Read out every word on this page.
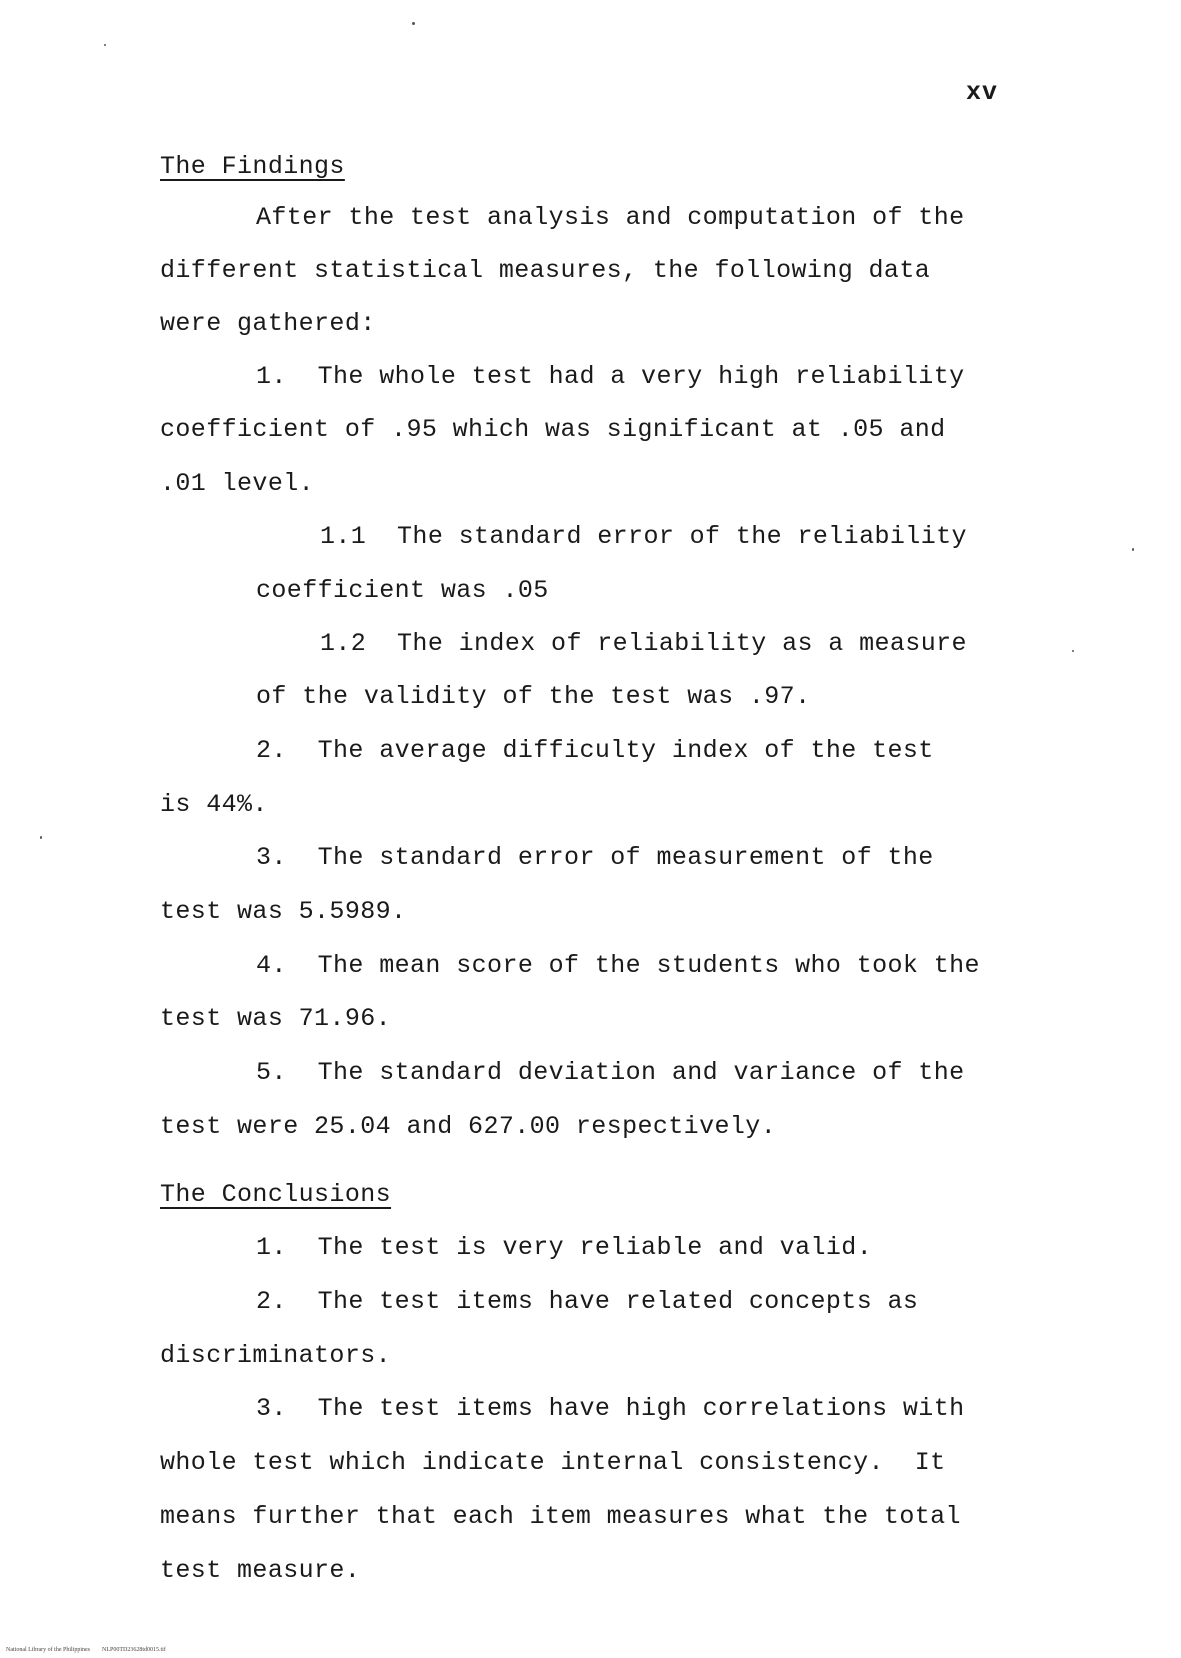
xv
The Findings
After the test analysis and computation of the
different statistical measures, the following data
were gathered:
1.  The whole test had a very high reliability
coefficient of .95 which was significant at .05 and
.01 level.
1.1  The standard error of the reliability
coefficient was .05
1.2  The index of reliability as a measure
of the validity of the test was .97.
2.  The average difficulty index of the test
is 44%.
3.  The standard error of measurement of the
test was 5.5989.
4.  The mean score of the students who took the
test was 71.96.
5.  The standard deviation and variance of the
test were 25.04 and 627.00 respectively.
The Conclusions
1.  The test is very reliable and valid.
2.  The test items have related concepts as
discriminators.
3.  The test items have high correlations with
whole test which indicate internal consistency.  It
means further that each item measures what the total
test measure.
National Library of the Philippines NLP00TD23628td0015.tif
